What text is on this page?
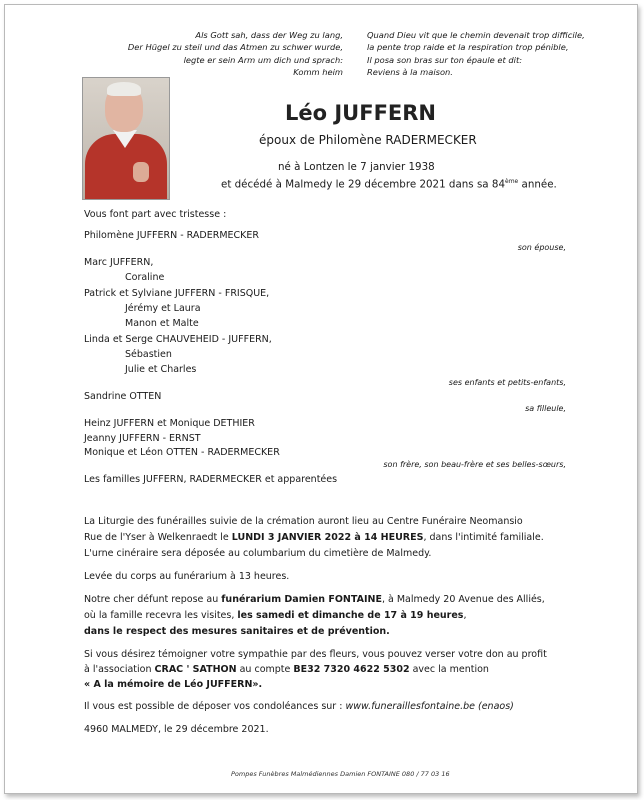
Als Gott sah, dass der Weg zu lang,
Der Hügel zu steil und das Atmen zu schwer wurde,
legte er sein Arm um dich und sprach:
Komm heim
Quand Dieu vit que le chemin devenait trop difficile,
la pente trop raide et la respiration trop pénible,
Il posa son bras sur ton épaule et dit:
Reviens à la maison.
Léo JUFFERN
époux de Philomène RADERMECKER
né à Lontzen le 7 janvier 1938
et décédé à Malmedy le 29 décembre 2021 dans sa 84ème année.
Vous font part avec tristesse :
Philomène JUFFERN - RADERMECKER
son épouse,
Marc JUFFERN,
Coraline
Patrick et Sylviane JUFFERN - FRISQUE,
Jérémy et Laura
Manon et Malte
Linda et Serge CHAUVEHEID - JUFFERN,
Sébastien
Julie et Charles
ses enfants et petits-enfants,
Sandrine OTTEN
sa filleule,
Heinz JUFFERN et Monique DETHIER
Jeanny JUFFERN - ERNST
Monique et Léon OTTEN - RADERMECKER
son frère, son beau-frère et ses belles-sœurs,
Les familles JUFFERN, RADERMECKER et apparentées
La Liturgie des funérailles suivie de la crémation auront lieu au Centre Funéraire Neomansio
Rue de l'Yser à Welkenraedt le LUNDI 3 JANVIER 2022 à 14 HEURES, dans l'intimité familiale.
L'urne cinéraire sera déposée au columbarium du cimetière de Malmedy.
Levée du corps au funérarium à 13 heures.
Notre cher défunt repose au funérarium Damien FONTAINE, à Malmedy 20 Avenue des Alliés,
où la famille recevra les visites, les samedi et dimanche de 17 à 19 heures,
dans le respect des mesures sanitaires et de prévention.
Si vous désirez témoigner votre sympathie par des fleurs, vous pouvez verser votre don au profit
à l'association CRAC ' SATHON au compte BE32 7320 4622 5302 avec la mention
« A la mémoire de Léo JUFFERN».
Il vous est possible de déposer vos condoléances sur : www.funeraillesfontaine.be (enaos)
4960 MALMEDY, le 29 décembre 2021.
Pompes Funèbres Malmédiennes Damien FONTAINE 080 / 77 03 16
